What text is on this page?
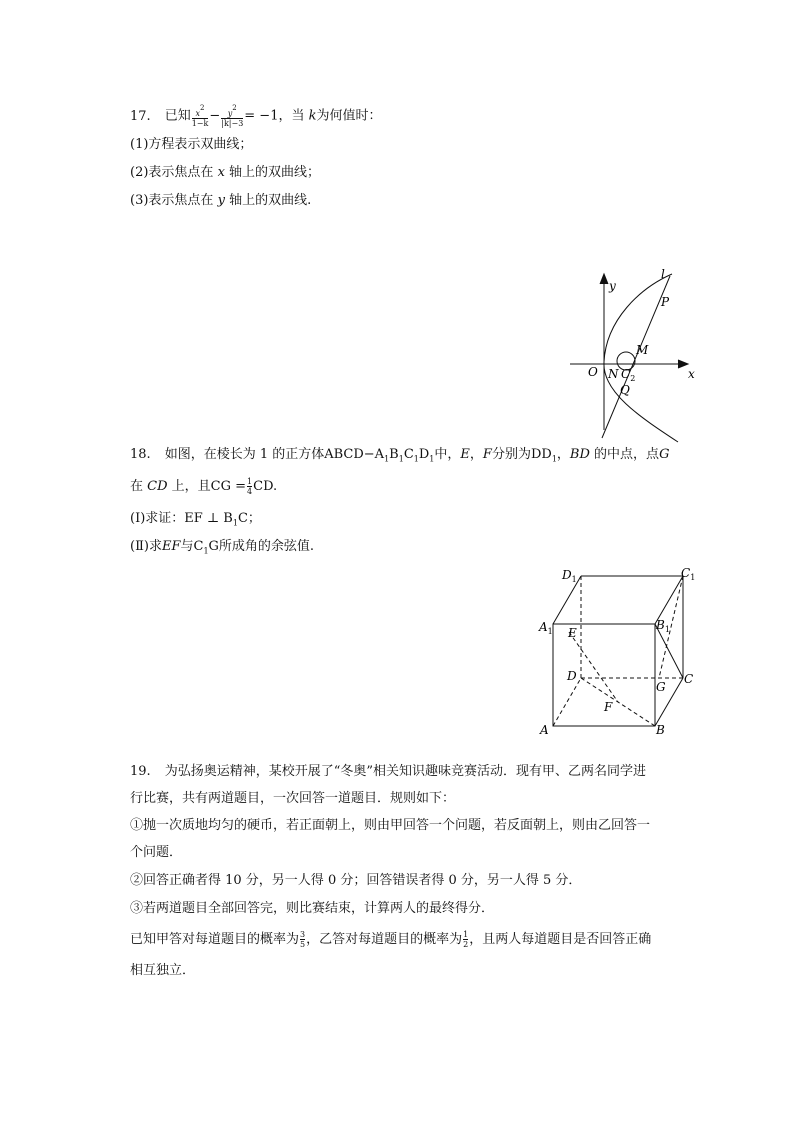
17. 已知 $\frac{x2}{1-k} - \frac{y2}{|k|-3} = -1$，当 k为何值时：
(1)方程表示双曲线；
(2)表示焦点在 x 轴上的双曲线；
(3)表示焦点在 y 轴上的双曲线.
y
x
l
P
M
O N $C_2$
Q
18. 如图，在棱长为 1 的正方体$ABCD-A_1B_1C_1D_1$中，E，F分别为$DD_1$，BD 的中点，点G
在 CD 上，且CG = $\frac{1}{4}$ CD.
(Ⅰ)求证：EF ⊥ $B_1C$；
(Ⅱ)求EF与$C_1G$所成角的余弦值.
$D_1$	$C_1$
$A_1$	$B_1$
E
D
G
C
F
A	B
19. 为弘扬奥运精神，某校开展了“冬奥”相关知识趣味竞赛活动．现有甲、乙两名同学进
行比赛，共有两道题目，一次回答一道题目．规则如下：
①抛一次质地均匀的硬币，若正面朝上，则由甲回答一个问题，若反面朝上，则由乙回答一
个问题．
②回答正确者得 10 分，另一人得 0 分；回答错误者得 0 分，另一人得 5 分．
③若两道题目全部回答完，则比赛结束，计算两人的最终得分．
已知甲答对每道题目的概率为 $\frac{3}{5}$ ，乙答对每道题目的概率为 $\frac{1}{2}$ ，且两人每道题目是否回答正确
相互独立．
